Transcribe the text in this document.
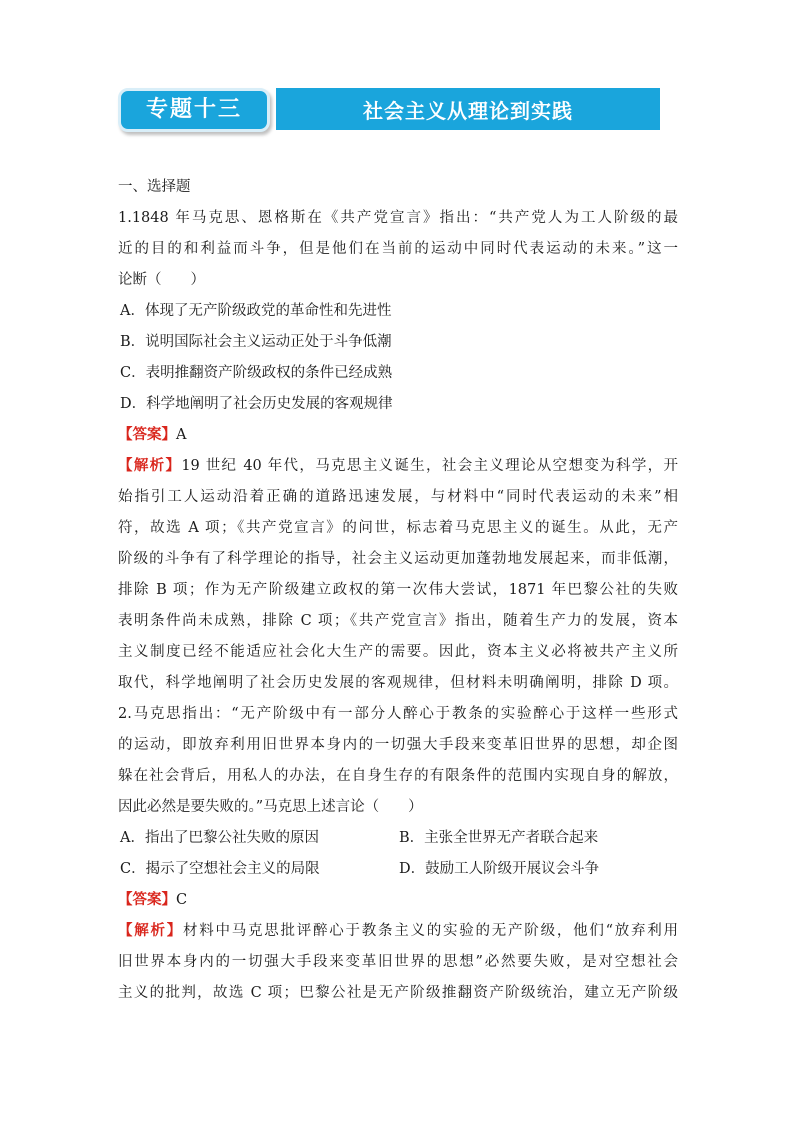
专题十三	社会主义从理论到实践
一、选择题
1.1848 年马克思、恩格斯在《共产党宣言》指出：“共产党人为工人阶级的最
近的目的和利益而斗争，但是他们在当前的运动中同时代表运动的未来。”这一
论断（　　）
A．体现了无产阶级政党的革命性和先进性
B．说明国际社会主义运动正处于斗争低潮
C．表明推翻资产阶级政权的条件已经成熟
D．科学地阐明了社会历史发展的客观规律
【答案】A
【解析】19 世纪 40 年代，马克思主义诞生，社会主义理论从空想变为科学，开
始指引工人运动沿着正确的道路迅速发展，与材料中“同时代表运动的未来”相
符，故选 A 项；《共产党宣言》的问世，标志着马克思主义的诞生。从此，无产
阶级的斗争有了科学理论的指导，社会主义运动更加蓬勃地发展起来，而非低潮，
排除 B 项；作为无产阶级建立政权的第一次伟大尝试，1871 年巴黎公社的失败
表明条件尚未成熟，排除 C 项；《共产党宣言》指出，随着生产力的发展，资本
主义制度已经不能适应社会化大生产的需要。因此，资本主义必将被共产主义所
取代，科学地阐明了社会历史发展的客观规律，但材料未明确阐明，排除 D 项。
2.马克思指出：“无产阶级中有一部分人醉心于教条的实验醉心于这样一些形式
的运动，即放弃利用旧世界本身内的一切强大手段来变革旧世界的思想，却企图
躲在社会背后，用私人的办法，在自身生存的有限条件的范围内实现自身的解放，
因此必然是要失败的。”马克思上述言论（　　）
A．指出了巴黎公社失败的原因	B．主张全世界无产者联合起来
C．揭示了空想社会主义的局限	D．鼓励工人阶级开展议会斗争
【答案】C
【解析】材料中马克思批评醉心于教条主义的实验的无产阶级，他们“放弃利用
旧世界本身内的一切强大手段来变革旧世界的思想”必然要失败，是对空想社会
主义的批判，故选 C 项；巴黎公社是无产阶级推翻资产阶级统治，建立无产阶级
